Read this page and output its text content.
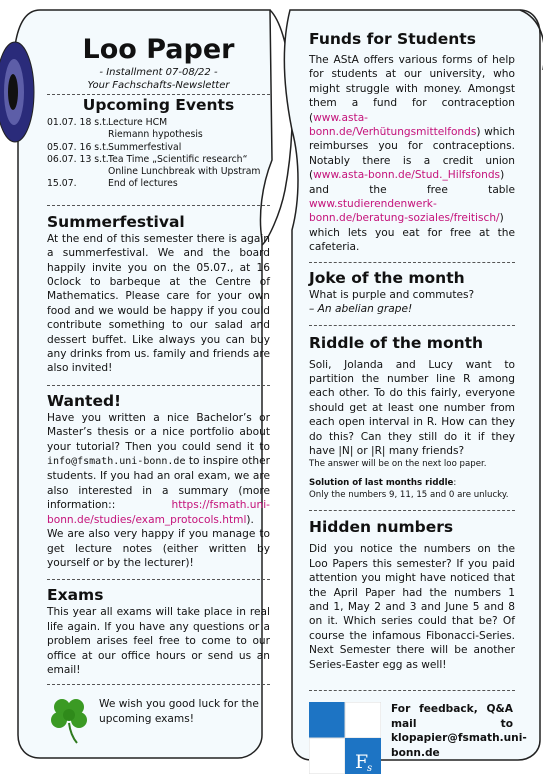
Loo Paper
- Installment 07-08/22 -
Your Fachschafts-Newsletter
Upcoming Events
01.07. 18 s.t. Lecture HCM
Riemann hypothesis
05.07. 16 s.t. Summerfestival
06.07. 13 s.t. Tea Time „Scientific research“
Online Lunchbreak with Upstram
15.07.	End of lectures
Summerfestival

At the end of this semester there is again a summerfestival. We and the board happily invite you on the 05.07., at 16 0clock to barbeque at the Centre of Mathematics. Please care for your own food and we would be happy if you could contribute something to our salad and dessert buffet. Like always you can buy any drinks from us. family and friends are also invited!

Wanted!

Have you written a nice Bachelor’s or Master’s thesis or a nice portfolio about your tutorial? Then you could send it to info@fsmath.uni-bonn.de to inspire other students. If you had an oral exam, we are also interested in a summary (more information:: https://fsmath.uni-bonn.de/studies/exam_protocols.html). We are also very happy if you manage to get lecture notes (either written by yourself or by the lecturer)!

Exams

This year all exams will take place in real life again. If you have any questions or a problem arises feel free to come to our office at our office hours or send us an email!

We wish you good luck for the upcoming exams!
Funds for Students

The AStA offers various forms of help for students at our university, who might struggle with money. Amongst them a fund for contraception (www.asta-bonn.de/Verhütungsmittelfonds) which reimburses you for contraceptions. Notably there is a credit union (www.asta-bonn.de/Stud._Hilfsfonds) and the free table www.studierendenwerk-bonn.de/beratung-soziales/freitisch/) which lets you eat for free at the cafeteria.

Joke of the month
What is purple and commutes?
– An abelian grape!
Riddle of the month

Soli, Jolanda and Lucy want to partition the number line R among each other. To do this fairly, everyone should get at least one number from each open interval in R. How can they do this? Can they still do it if they have |N| or |R| many friends?

The answer will be on the next loo paper.
Solution of last months riddle:
Only the numbers 9, 11, 15 and 0 are unlucky.
Hidden numbers

Did you notice the numbers on the Loo Papers this semester? If you paid attention you might have noticed that the April Paper had the numbers 1 and 1, May 2 and 3 and June 5 and 8 on it. Which series could that be? Of course the infamous Fibonacci-Series. Next Semester there will be another Series-Easter egg as well!

F
s
For feedback, Q&A mail to klopapier@fsmath.uni-bonn.de
